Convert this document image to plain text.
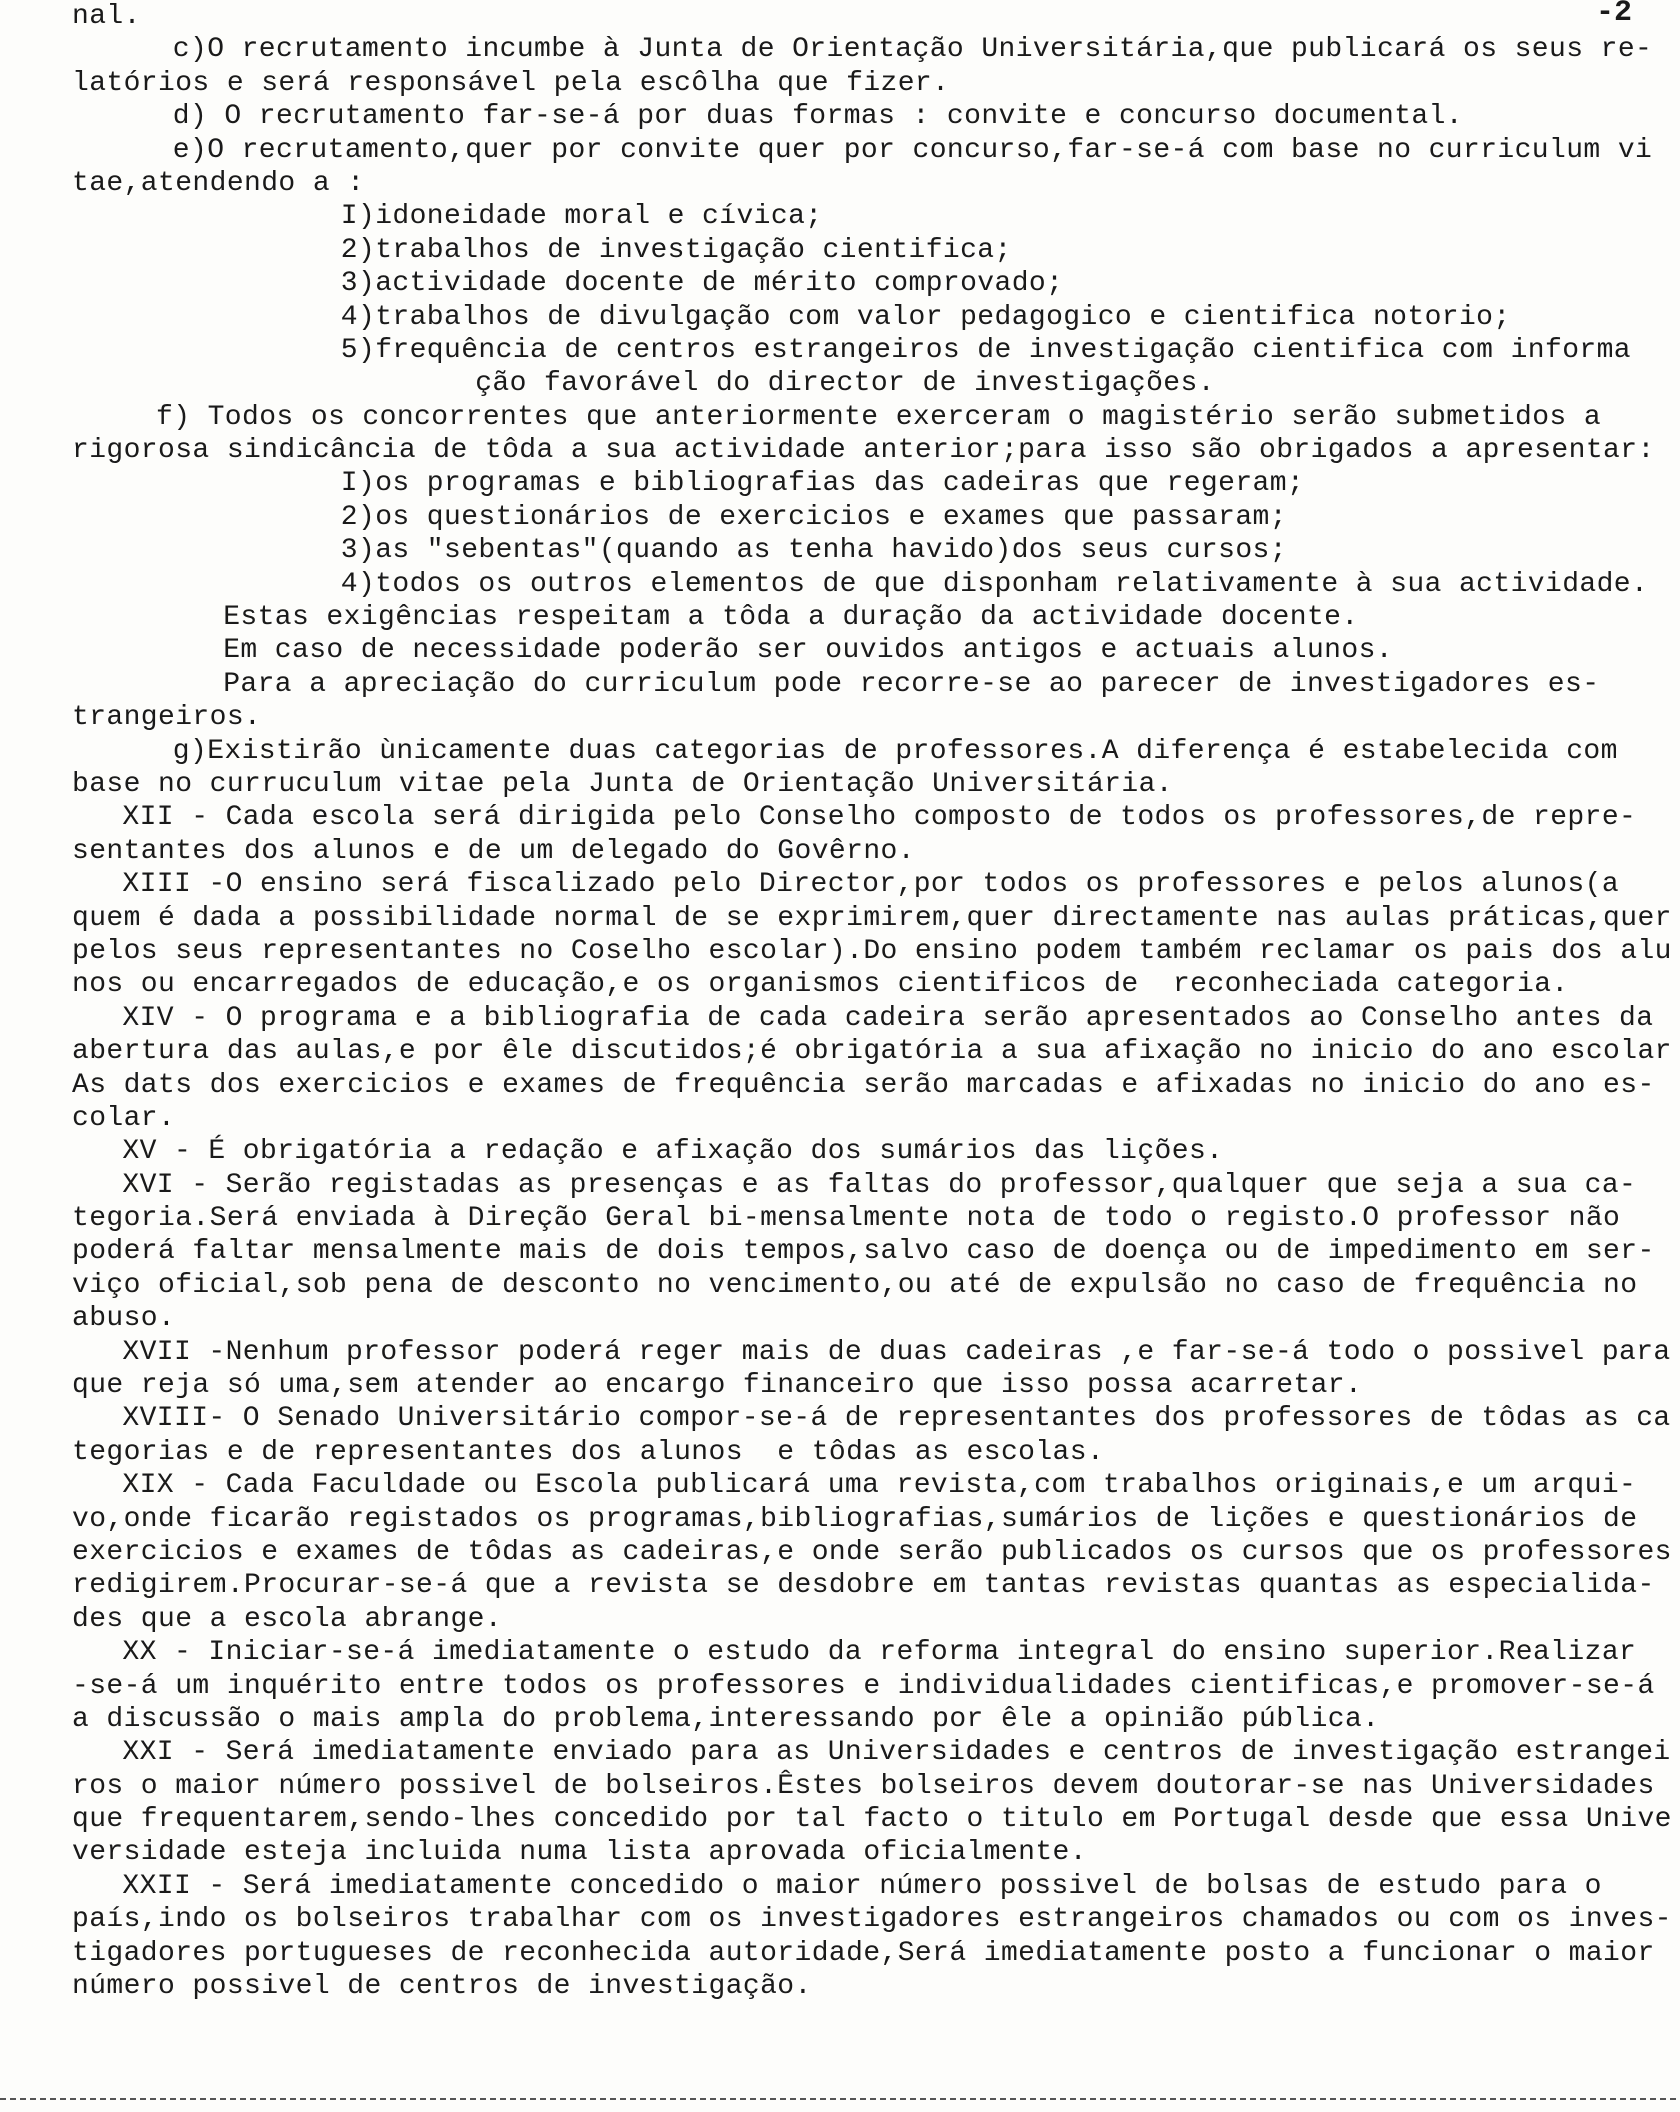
-2
nal.
c)O recrutamento incumbe à Junta de Orientação Universitária,que publicará os seus re-
latórios e será responsável pela escôlha que fizer.
d) O recrutamento far-se-á por duas formas : convite e concurso documental.
e)O recrutamento,quer por convite quer por concurso,far-se-á com base no curriculum vi
tae,atendendo a :
I)idoneidade moral e cívica;
2)trabalhos de investigação cientifica;
3)actividade docente de mérito comprovado;
4)trabalhos de divulgação com valor pedagogico e cientifica notorio;
5)frequência de centros estrangeiros de investigação cientifica com informa
ção favorável do director de investigações.
f) Todos os concorrentes que anteriormente exerceram o magistério serão submetidos a
rigorosa sindicância de tôda a sua actividade anterior;para isso são obrigados a apresentar:
I)os programas e bibliografias das cadeiras que regeram;
2)os questionários de exercicios e exames que passaram;
3)as "sebentas"(quando as tenha havido)dos seus cursos;
4)todos os outros elementos de que disponham relativamente à sua actividade.
Estas exigências respeitam a tôda a duração da actividade docente.
Em caso de necessidade poderão ser ouvidos antigos e actuais alunos.
Para a apreciação do curriculum pode recorre-se ao parecer de investigadores es-
trangeiros.
g)Existirão ùnicamente duas categorias de professores.A diferença é estabelecida com
base no curruculum vitae pela Junta de Orientação Universitária.
XII - Cada escola será dirigida pelo Conselho composto de todos os professores,de repre-
sentantes dos alunos e de um delegado do Govêrno.
XIII -O ensino será fiscalizado pelo Director,por todos os professores e pelos alunos(a
quem é dada a possibilidade normal de se exprimirem,quer directamente nas aulas práticas,quer
pelos seus representantes no Coselho escolar).Do ensino podem também reclamar os pais dos alu
nos ou encarregados de educação,e os organismos cientificos de  reconheciada categoria.
XIV - O programa e a bibliografia de cada cadeira serão apresentados ao Conselho antes da
abertura das aulas,e por êle discutidos;é obrigatória a sua afixação no inicio do ano escolar
As dats dos exercicios e exames de frequência serão marcadas e afixadas no inicio do ano es-
colar.
XV - É obrigatória a redação e afixação dos sumários das lições.
XVI - Serão registadas as presenças e as faltas do professor,qualquer que seja a sua ca-
tegoria.Será enviada à Direção Geral bi-mensalmente nota de todo o registo.O professor não
poderá faltar mensalmente mais de dois tempos,salvo caso de doença ou de impedimento em ser-
viço oficial,sob pena de desconto no vencimento,ou até de expulsão no caso de frequência no
abuso.
XVII -Nenhum professor poderá reger mais de duas cadeiras ,e far-se-á todo o possivel para
que reja só uma,sem atender ao encargo financeiro que isso possa acarretar.
XVIII- O Senado Universitário compor-se-á de representantes dos professores de tôdas as ca
tegorias e de representantes dos alunos  e tôdas as escolas.
XIX - Cada Faculdade ou Escola publicará uma revista,com trabalhos originais,e um arqui-
vo,onde ficarão registados os programas,bibliografias,sumários de lições e questionários de
exercicios e exames de tôdas as cadeiras,e onde serão publicados os cursos que os professores
redigirem.Procurar-se-á que a revista se desdobre em tantas revistas quantas as especialida-
des que a escola abrange.
XX - Iniciar-se-á imediatamente o estudo da reforma integral do ensino superior.Realizar
-se-á um inquérito entre todos os professores e individualidades cientificas,e promover-se-á
a discussão o mais ampla do problema,interessando por êle a opinião pública.
XXI - Será imediatamente enviado para as Universidades e centros de investigação estrangei
ros o maior número possivel de bolseiros.Êstes bolseiros devem doutorar-se nas Universidades
que frequentarem,sendo-lhes concedido por tal facto o titulo em Portugal desde que essa Unive
versidade esteja incluida numa lista aprovada oficialmente.
XXII - Será imediatamente concedido o maior número possivel de bolsas de estudo para o
país,indo os bolseiros trabalhar com os investigadores estrangeiros chamados ou com os inves-
tigadores portugueses de reconhecida autoridade,Será imediatamente posto a funcionar o maior
número possivel de centros de investigação.
